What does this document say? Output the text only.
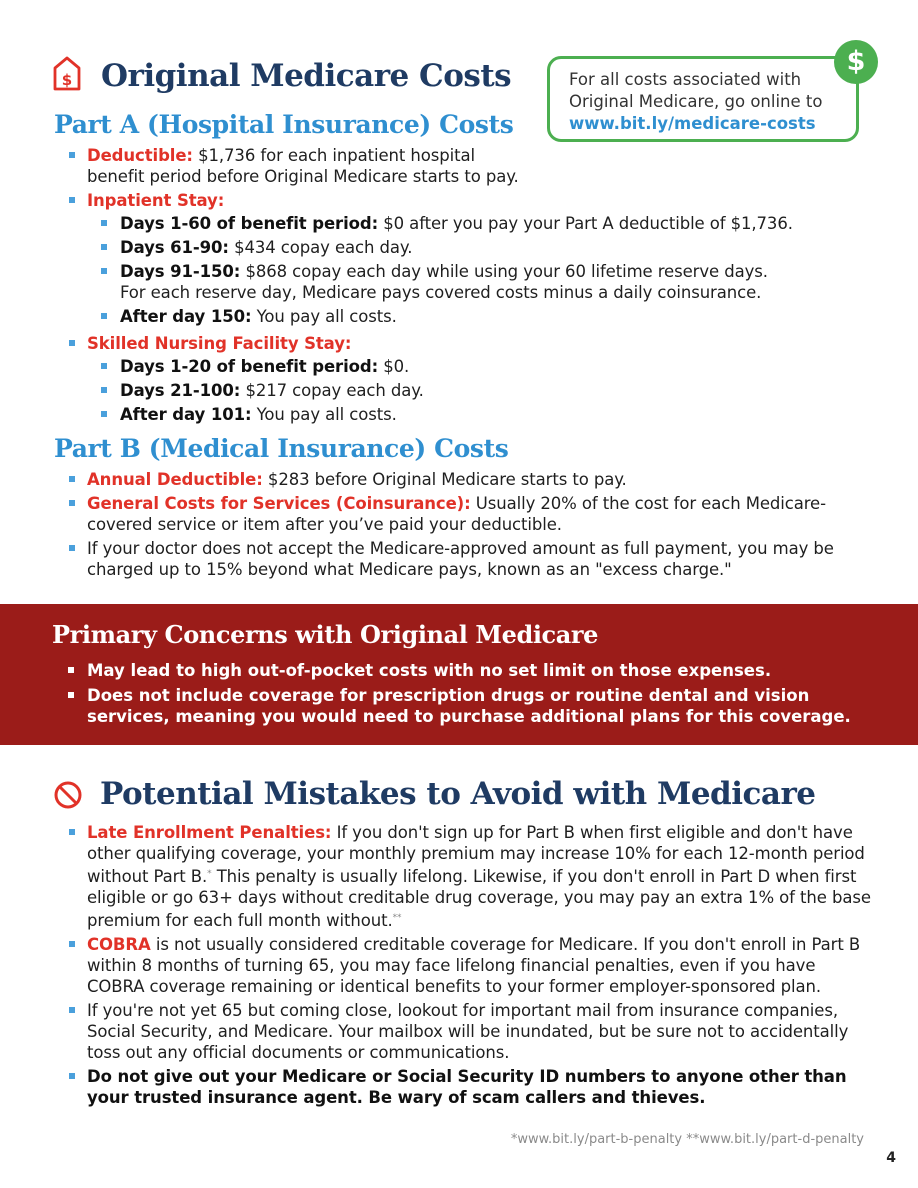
$ Original Medicare Costs	For all costs associated with
Original Medicare, go online to
www.bit.ly/medicare-costs
$
Part A (Hospital Insurance) Costs
Deductible: $1,736 for each inpatient hospital
benefit period before Original Medicare starts to pay.
Inpatient Stay:
Days 1-60 of benefit period: $0 after you pay your Part A deductible of $1,736.
Days 61-90: $434 copay each day.
Days 91-150: $868 copay each day while using your 60 lifetime reserve days.
For each reserve day, Medicare pays covered costs minus a daily coinsurance.
After day 150: You pay all costs.
Skilled Nursing Facility Stay:
Days 1-20 of benefit period: $0.
Days 21-100: $217 copay each day.
After day 101: You pay all costs.
Part B (Medical Insurance) Costs
Annual Deductible: $283 before Original Medicare starts to pay.
General Costs for Services (Coinsurance): Usually 20% of the cost for each Medicare-covered service or item after you’ve paid your deductible.
If your doctor does not accept the Medicare-approved amount as full payment, you may be charged up to 15% beyond what Medicare pays, known as an "excess charge."
Primary Concerns with Original Medicare
May lead to high out-of-pocket costs with no set limit on those expenses.
Does not include coverage for prescription drugs or routine dental and vision services, meaning you would need to purchase additional plans for this coverage.
Potential Mistakes to Avoid with Medicare
Late Enrollment Penalties: If you don't sign up for Part B when first eligible and don't have other qualifying coverage, your monthly premium may increase 10% for each 12-month period without Part B.* This penalty is usually lifelong. Likewise, if you don't enroll in Part D when first eligible or go 63+ days without creditable drug coverage, you may pay an extra 1% of the base premium for each full month without.**
COBRA is not usually considered creditable coverage for Medicare. If you don't enroll in Part B within 8 months of turning 65, you may face lifelong financial penalties, even if you have COBRA coverage remaining or identical benefits to your former employer-sponsored plan.
If you're not yet 65 but coming close, lookout for important mail from insurance companies, Social Security, and Medicare. Your mailbox will be inundated, but be sure not to accidentally toss out any official documents or communications.
Do not give out your Medicare or Social Security ID numbers to anyone other than your trusted insurance agent. Be wary of scam callers and thieves.
*www.bit.ly/part-b-penalty **www.bit.ly/part-d-penalty
4
